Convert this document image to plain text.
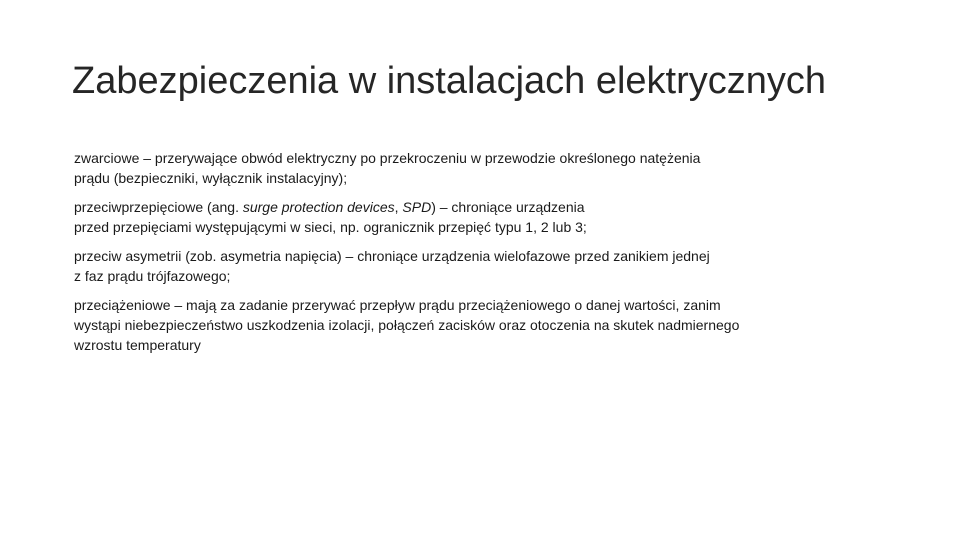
Zabezpieczenia w instalacjach elektrycznych

zwarciowe – przerywające obwód elektryczny po przekroczeniu w przewodzie określonego natężenia
prądu (bezpieczniki, wyłącznik instalacyjny);

przeciwprzepięciowe (ang. surge protection devices, SPD) – chroniące urządzenia
przed przepięciami występującymi w sieci, np. ogranicznik przepięć typu 1, 2 lub 3;

przeciw asymetrii (zob. asymetria napięcia) – chroniące urządzenia wielofazowe przed zanikiem jednej
z faz prądu trójfazowego;

przeciążeniowe – mają za zadanie przerywać przepływ prądu przeciążeniowego o danej wartości, zanim
wystąpi niebezpieczeństwo uszkodzenia izolacji, połączeń zacisków oraz otoczenia na skutek nadmiernego
wzrostu temperatury
